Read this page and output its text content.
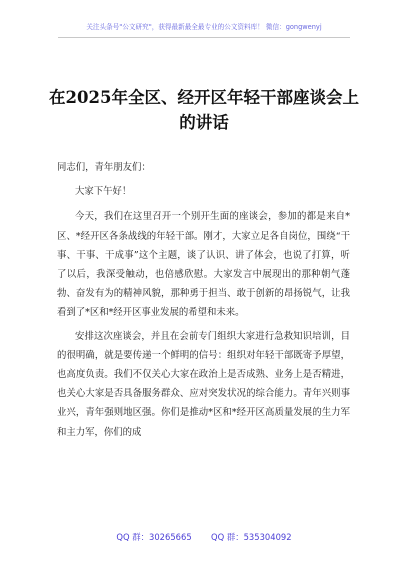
关注头条号"公文研究"，获得最新最全最专业的公文资料库！ 微信：gongwenyj
在2025年全区、经开区年轻干部座谈会上
的讲话

同志们，青年朋友们：

大家下午好！

今天，我们在这里召开一个别开生面的座谈会，参加的都是来自*区、*经开区各条战线的年轻干部。刚才，大家立足各自岗位，围绕“干事、干事、干成事”这个主题，谈了认识、讲了体会，也说了打算，听了以后，我深受触动，也倍感欣慰。大家发言中展现出的那种朝气蓬勃、奋发有为的精神风貌，那种勇于担当、敢于创新的昂扬锐气，让我看到了*区和*经开区事业发展的希望和未来。

安排这次座谈会，并且在会前专门组织大家进行急救知识培训，目的很明确，就是要传递一个鲜明的信号：组织对年轻干部既寄予厚望，也高度负责。我们不仅关心大家在政治上是否成熟、业务上是否精进，也关心大家是否具备服务群众、应对突发状况的综合能力。青年兴则事业兴，青年强则地区强。你们是推动*区和*经开区高质量发展的生力军和主力军，你们的成

QQ 群：30265665 QQ 群：535304092
